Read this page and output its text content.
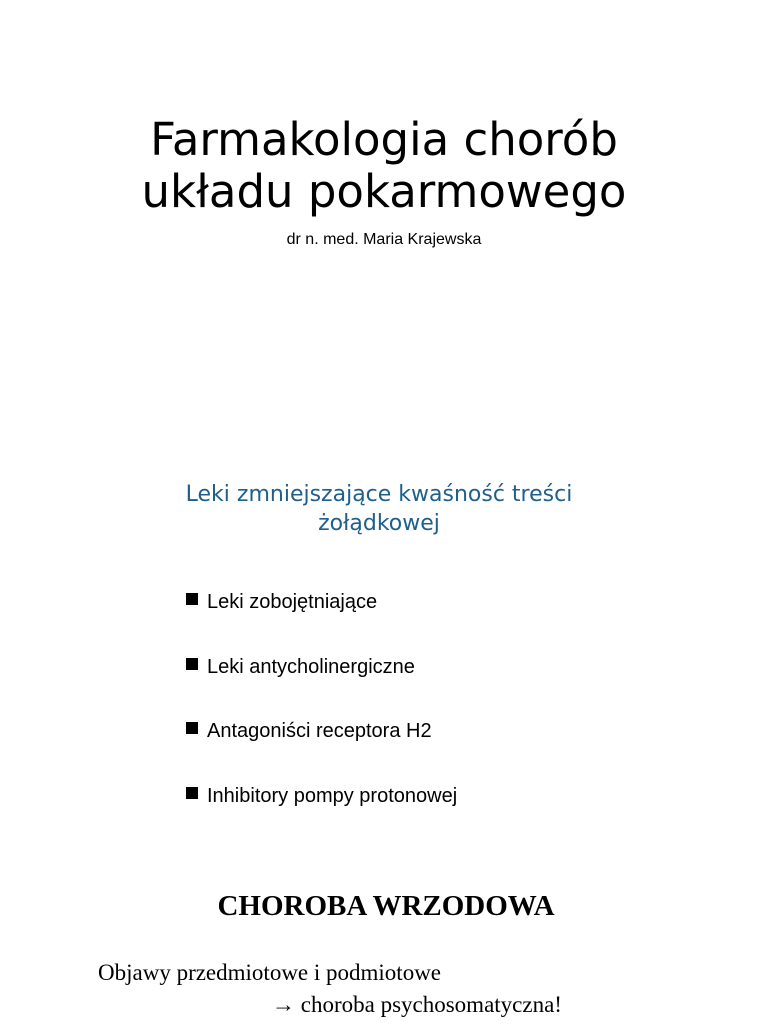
Farmakologia chorób
układu pokarmowego
dr n. med. Maria Krajewska
Leki zmniejszające kwaśność treści
żołądkowej
Leki zobojętniające
Leki antycholinergiczne
Antagoniści receptora H2
Inhibitory pompy protonowej
CHOROBA WRZODOWA
Objawy przedmiotowe i podmiotowe
→ choroba psychosomatyczna!
